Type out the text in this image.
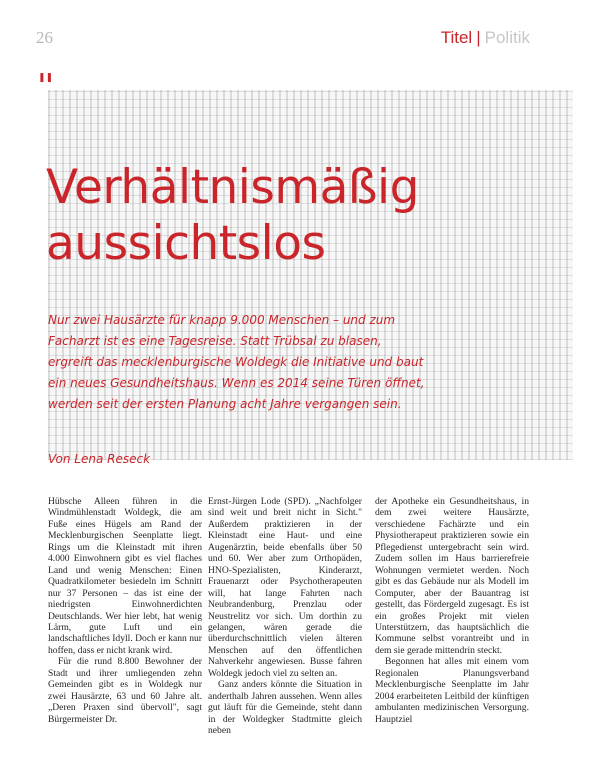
26	Titel | Politik
❚❚
Verhältnismäßig
aussichtslos

Nur zwei Hausärzte für knapp 9.000 Menschen – und zum Facharzt ist es eine Tagesreise. Statt Trübsal zu blasen, ergreift das mecklenburgische Woldegk die Initiative und baut ein neues Gesundheitshaus. Wenn es 2014 seine Türen öffnet, werden seit der ersten Planung acht Jahre vergangen sein.

Von Lena Reseck

Hübsche Alleen führen in die Windmühlenstadt Woldegk, die am Fuße eines Hügels am Rand der Mecklenburgischen Seenplatte liegt. Rings um die Kleinstadt mit ihren 4.000 Einwohnern gibt es viel flaches Land und wenig Menschen: Einen Quadratkilometer besiedeln im Schnitt nur 37 Personen – das ist eine der niedrigsten Einwohnerdichten Deutschlands. Wer hier lebt, hat wenig Lärm, gute Luft und ein landschaftliches Idyll. Doch er kann nur hoffen, dass er nicht krank wird.

Für die rund 8.800 Bewohner der Stadt und ihrer umliegenden zehn Gemeinden gibt es in Woldegk nur zwei Hausärzte, 63 und 60 Jahre alt. „Deren Praxen sind übervoll", sagt Bürgermeister Dr.

Ernst-Jürgen Lode (SPD). „Nachfolger sind weit und breit nicht in Sicht." Außerdem praktizieren in der Kleinstadt eine Haut- und eine Augenärztin, beide ebenfalls über 50 und 60. Wer aber zum Orthopäden, HNO-Spezialisten, Kinderarzt, Frauenarzt oder Psychotherapeuten will, hat lange Fahrten nach Neubrandenburg, Prenzlau oder Neustrelitz vor sich. Um dorthin zu gelangen, wären gerade die überdurchschnittlich vielen älteren Menschen auf den öffentlichen Nahverkehr angewiesen. Busse fahren Woldegk jedoch viel zu selten an.

Ganz anders könnte die Situation in anderthalb Jahren aussehen. Wenn alles gut läuft für die Gemeinde, steht dann in der Woldegker Stadtmitte gleich neben

der Apotheke ein Gesundheitshaus, in dem zwei weitere Hausärzte, verschiedene Fachärzte und ein Physiotherapeut praktizieren sowie ein Pflegedienst untergebracht sein wird. Zudem sollen im Haus barrierefreie Wohnungen vermietet werden. Noch gibt es das Gebäude nur als Modell im Computer, aber der Bauantrag ist gestellt, das Fördergeld zugesagt. Es ist ein großes Projekt mit vielen Unterstützern, das hauptsächlich die Kommune selbst vorantreibt und in dem sie gerade mittendrin steckt.

Begonnen hat alles mit einem vom Regionalen Planungsverband Mecklenburgische Seenplatte im Jahr 2004 erarbeiteten Leitbild der künftigen ambulanten medizinischen Versorgung. Hauptziel
